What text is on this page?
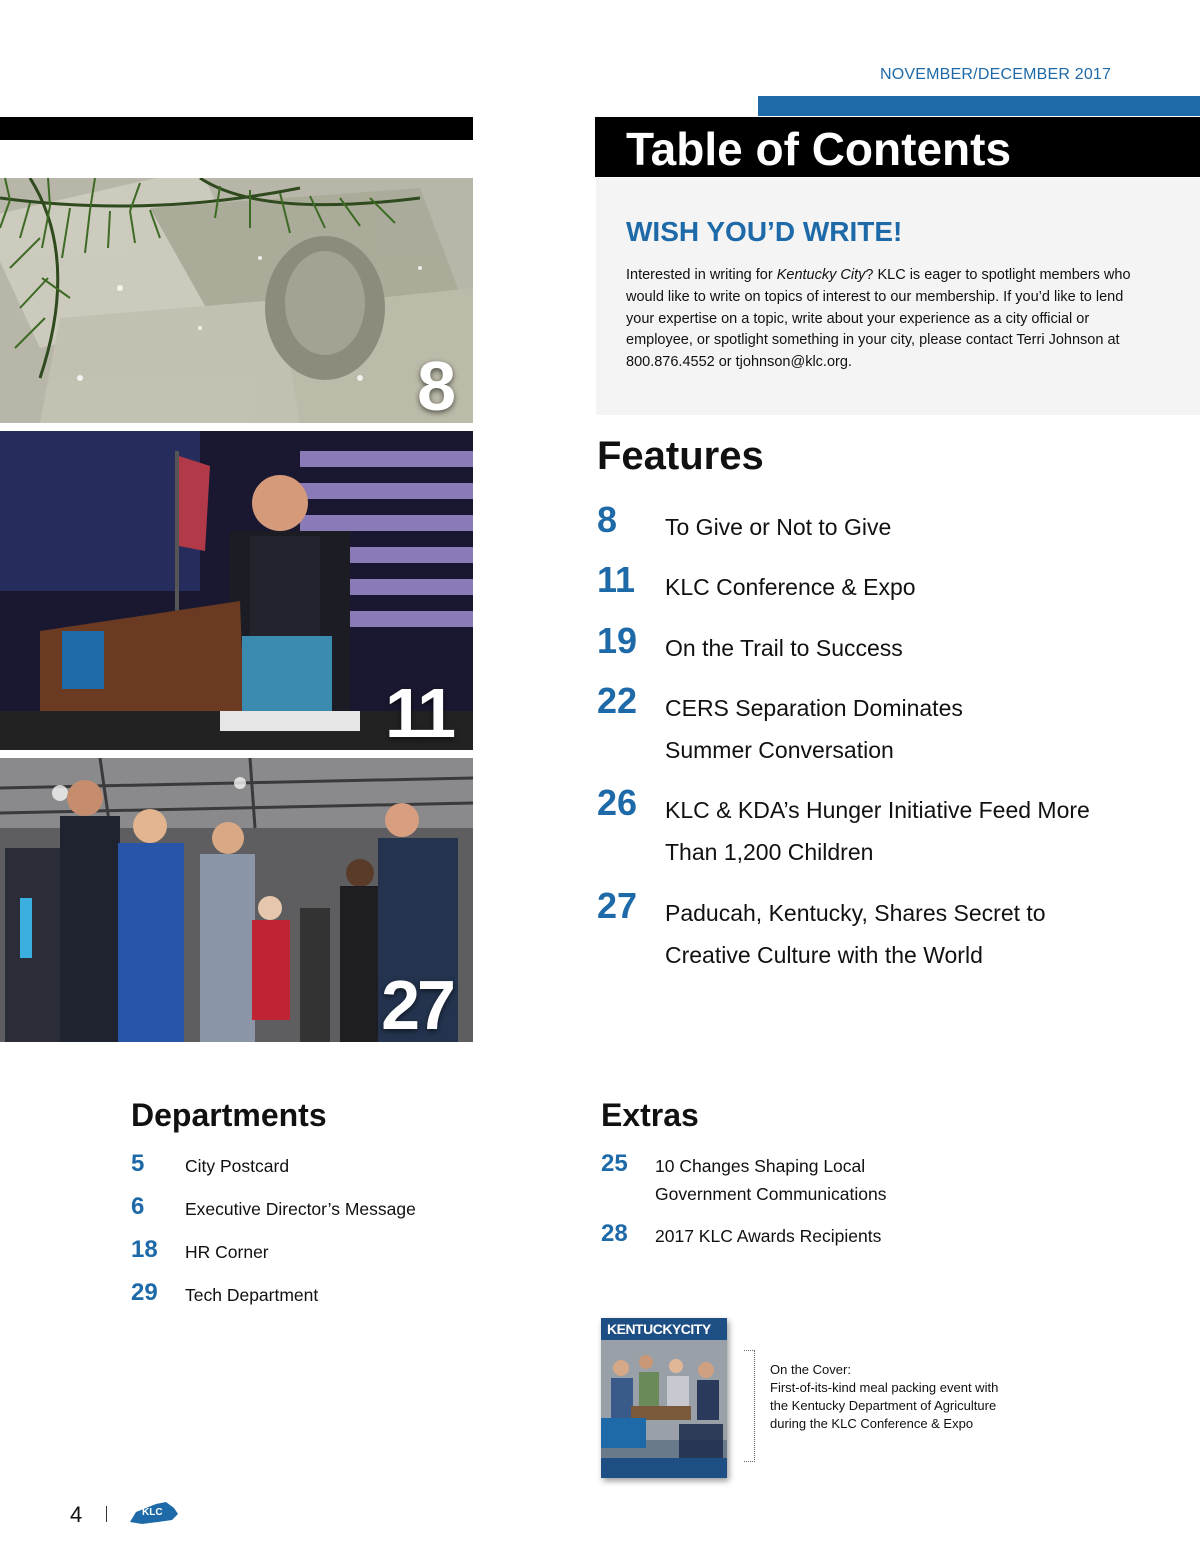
NOVEMBER/DECEMBER 2017
Table of Contents
8
11
27
WISH YOU’D WRITE!
Interested in writing for Kentucky City? KLC is eager to spotlight members who would like to write on topics of interest to our membership. If you’d like to lend your expertise on a topic, write about your experience as a city official or employee, or spotlight something in your city, please contact Terri Johnson at 800.876.4552 or tjohnson@klc.org.
Features
8 To Give or Not to Give
11 KLC Conference & Expo
19 On the Trail to Success
22 CERS Separation Dominates Summer Conversation
26 KLC & KDA’s Hunger Initiative Feed More Than 1,200 Children
27 Paducah, Kentucky, Shares Secret to Creative Culture with the World
Departments
5 City Postcard
6 Executive Director’s Message
18 HR Corner
29 Tech Department
Extras
25 10 Changes Shaping Local
Government Communications
28 2017 KLC Awards Recipients
KENTUCKYCITY
On the Cover:
First-of-its-kind meal packing event with the Kentucky Department of Agriculture during the KLC Conference & Expo
4	KLC
